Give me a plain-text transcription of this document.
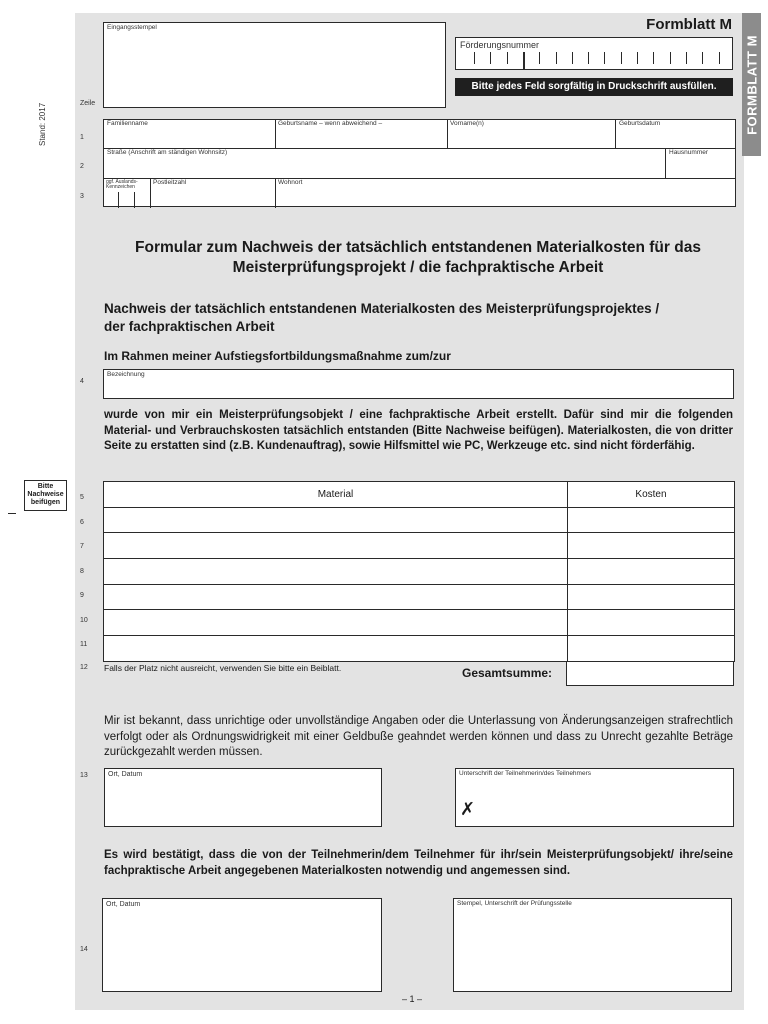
Stand: 2017	FORMBLATT M
Eingangsstempel	Formblatt M
Förderungsnummer
Bitte jedes Feld sorgfältig in Druckschrift ausfüllen.
Zeile
Familienname	Geburtsname – wenn abweichend –	Vorname(n)	Geburtsdatum
Straße (Anschrift am ständigen Wohnsitz)	Hausnummer
ggf. Auslands-
Kennzeichen
Postleitzahl	Wohnort
1
2
3
Formular zum Nachweis der tatsächlich entstandenen Materialkosten für das
Meisterprüfungsprojekt / die fachpraktische Arbeit
Nachweis der tatsächlich entstandenen Materialkosten des Meisterprüfungsprojektes /
der fachpraktischen Arbeit
Im Rahmen meiner Aufstiegsfortbildungsmaßnahme zum/zur
4
Bezeichnung
wurde von mir ein Meisterprüfungsobjekt / eine fachpraktische Arbeit erstellt. Dafür sind mir die folgenden Material- und Verbrauchskosten tatsächlich entstanden (Bitte Nachweise beifügen). Materialkosten, die von dritter Seite zu erstatten sind (z.B. Kundenauftrag), sowie Hilfsmittel wie PC, Werkzeuge etc. sind nicht förderfähig.
Bitte
Nachweise
beifügen
Material	Kosten

5
6
7
8
9
10
11
12 Falls der Platz nicht ausreicht, verwenden Sie bitte ein Beiblatt.	Gesamtsumme:
Mir ist bekannt, dass unrichtige oder unvollständige Angaben oder die Unterlassung von Änderungsanzeigen strafrechtlich verfolgt oder als Ordnungswidrigkeit mit einer Geldbuße geahndet werden können und dass zu Unrecht gezahlte Beträge zurückgezahlt werden müssen.
13	Ort, Datum	Unterschrift der Teilnehmerin/des Teilnehmers
✗
Es wird bestätigt, dass die von der Teilnehmerin/dem Teilnehmer für ihr/sein Meisterprüfungsobjekt/ ihre/seine fachpraktische Arbeit angegebenen Materialkosten notwendig und angemessen sind.
14
Ort, Datum	Stempel, Unterschrift der Prüfungsstelle
– 1 –
